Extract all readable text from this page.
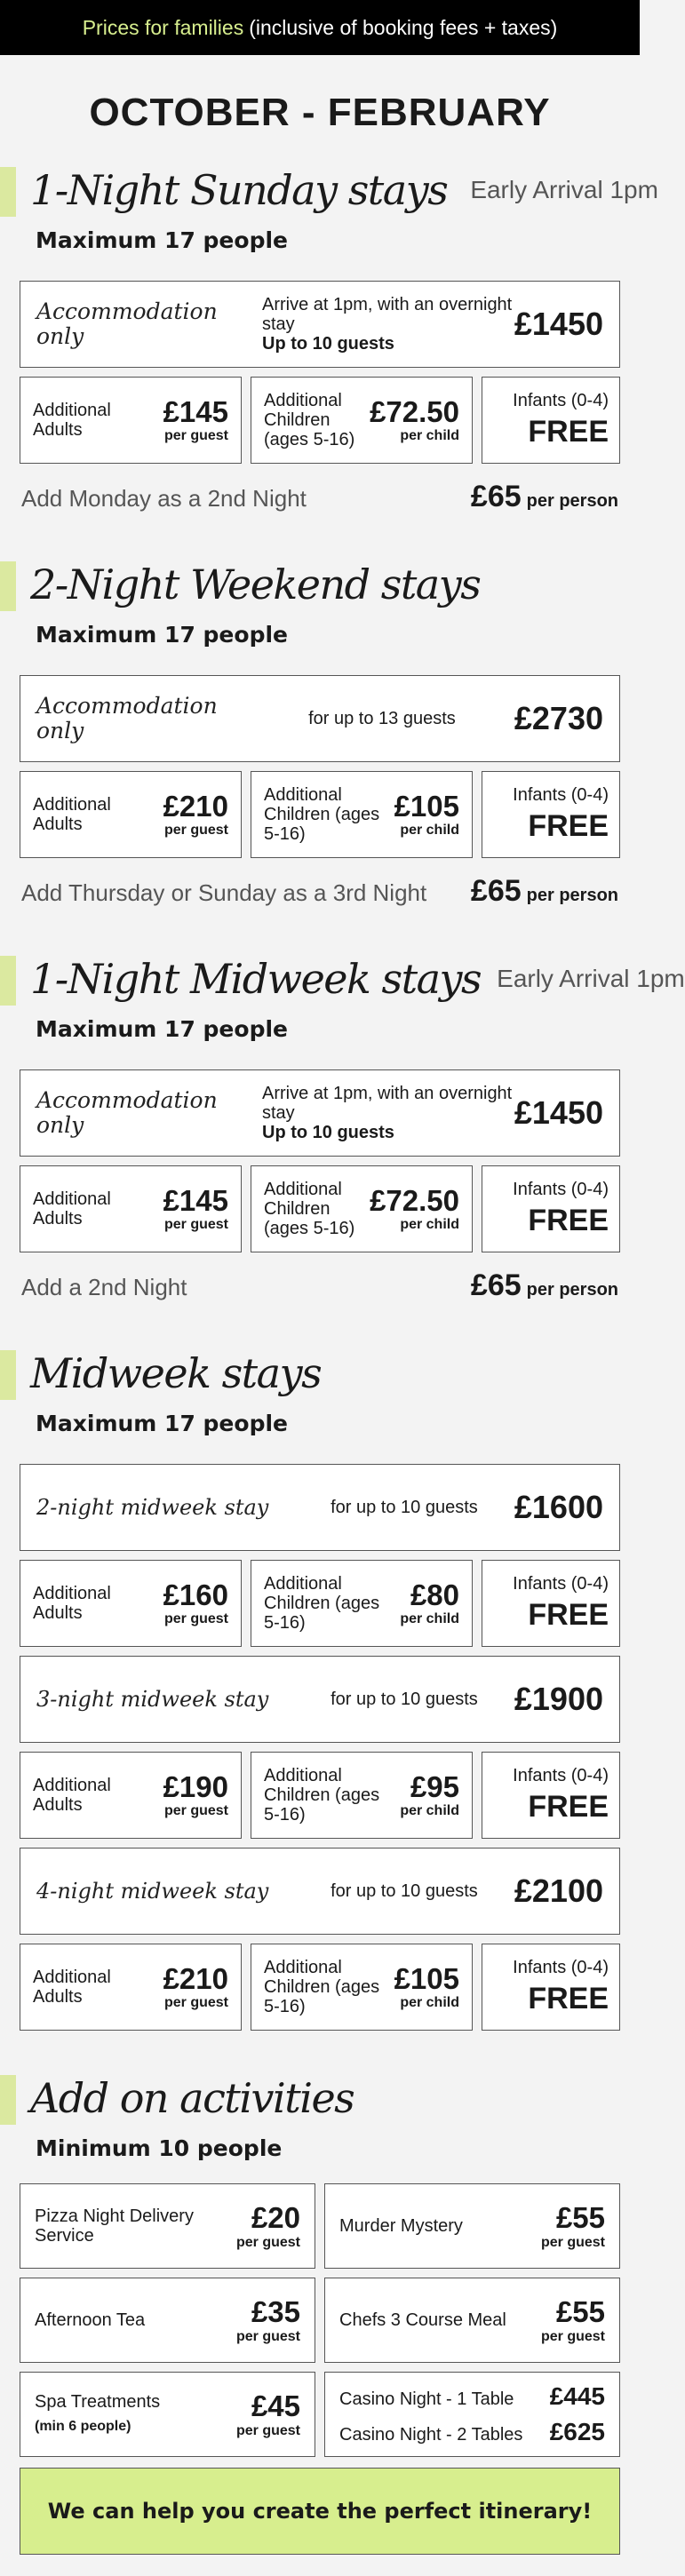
Prices for families (inclusive of booking fees + taxes)
OCTOBER - FEBRUARY
1-Night Sunday stays Early Arrival 1pm
Maximum 17 people
Accommodation only
Arrive at 1pm, with an overnight stay
Up to 10 guests
£1450
Additional Adults
£145
per guest
Additional Children (ages 5-16)
£72.50
per child
Infants (0-4)
FREE
Add Monday as a 2nd Night	£65 per person
2-Night Weekend stays
Maximum 17 people
Accommodation only	for up to 13 guests	£2730
Additional Adults
£210
per guest
Additional Children (ages 5-16)
£105
per child
Infants (0-4)
FREE
Add Thursday or Sunday as a 3rd Night £65 per person
1-Night Midweek stays Early Arrival 1pm
Maximum 17 people
Accommodation only
Arrive at 1pm, with an overnight stay
Up to 10 guests
£1450
Additional Adults
£145
per guest
Additional Children (ages 5-16)
£72.50
per child
Infants (0-4)
FREE
Add a 2nd Night	£65 per person
Midweek stays
Maximum 17 people
2-night midweek stay	for up to 10 guests	£1600
Additional Adults
£160
per guest
Additional Children (ages 5-16)
£80
per child
Infants (0-4)
FREE
3-night midweek stay	for up to 10 guests	£1900
Additional Adults
£190
per guest
Additional Children (ages 5-16)
£95
per child
Infants (0-4)
FREE
4-night midweek stay	for up to 10 guests	£2100
Additional Adults
£210
per guest
Additional Children (ages 5-16)
£105
per child
Infants (0-4)
FREE
Add on activities
Minimum 10 people
Pizza Night Delivery Service
£20
per guest
Murder Mystery	£55
per guest
Afternoon Tea	£35
per guest
Chefs 3 Course Meal	£55
per guest
Spa Treatments
(min 6 people)
£45
per guest
Casino Night - 1 Table £445
Casino Night - 2 Tables £625
We can help you create the perfect itinerary!
